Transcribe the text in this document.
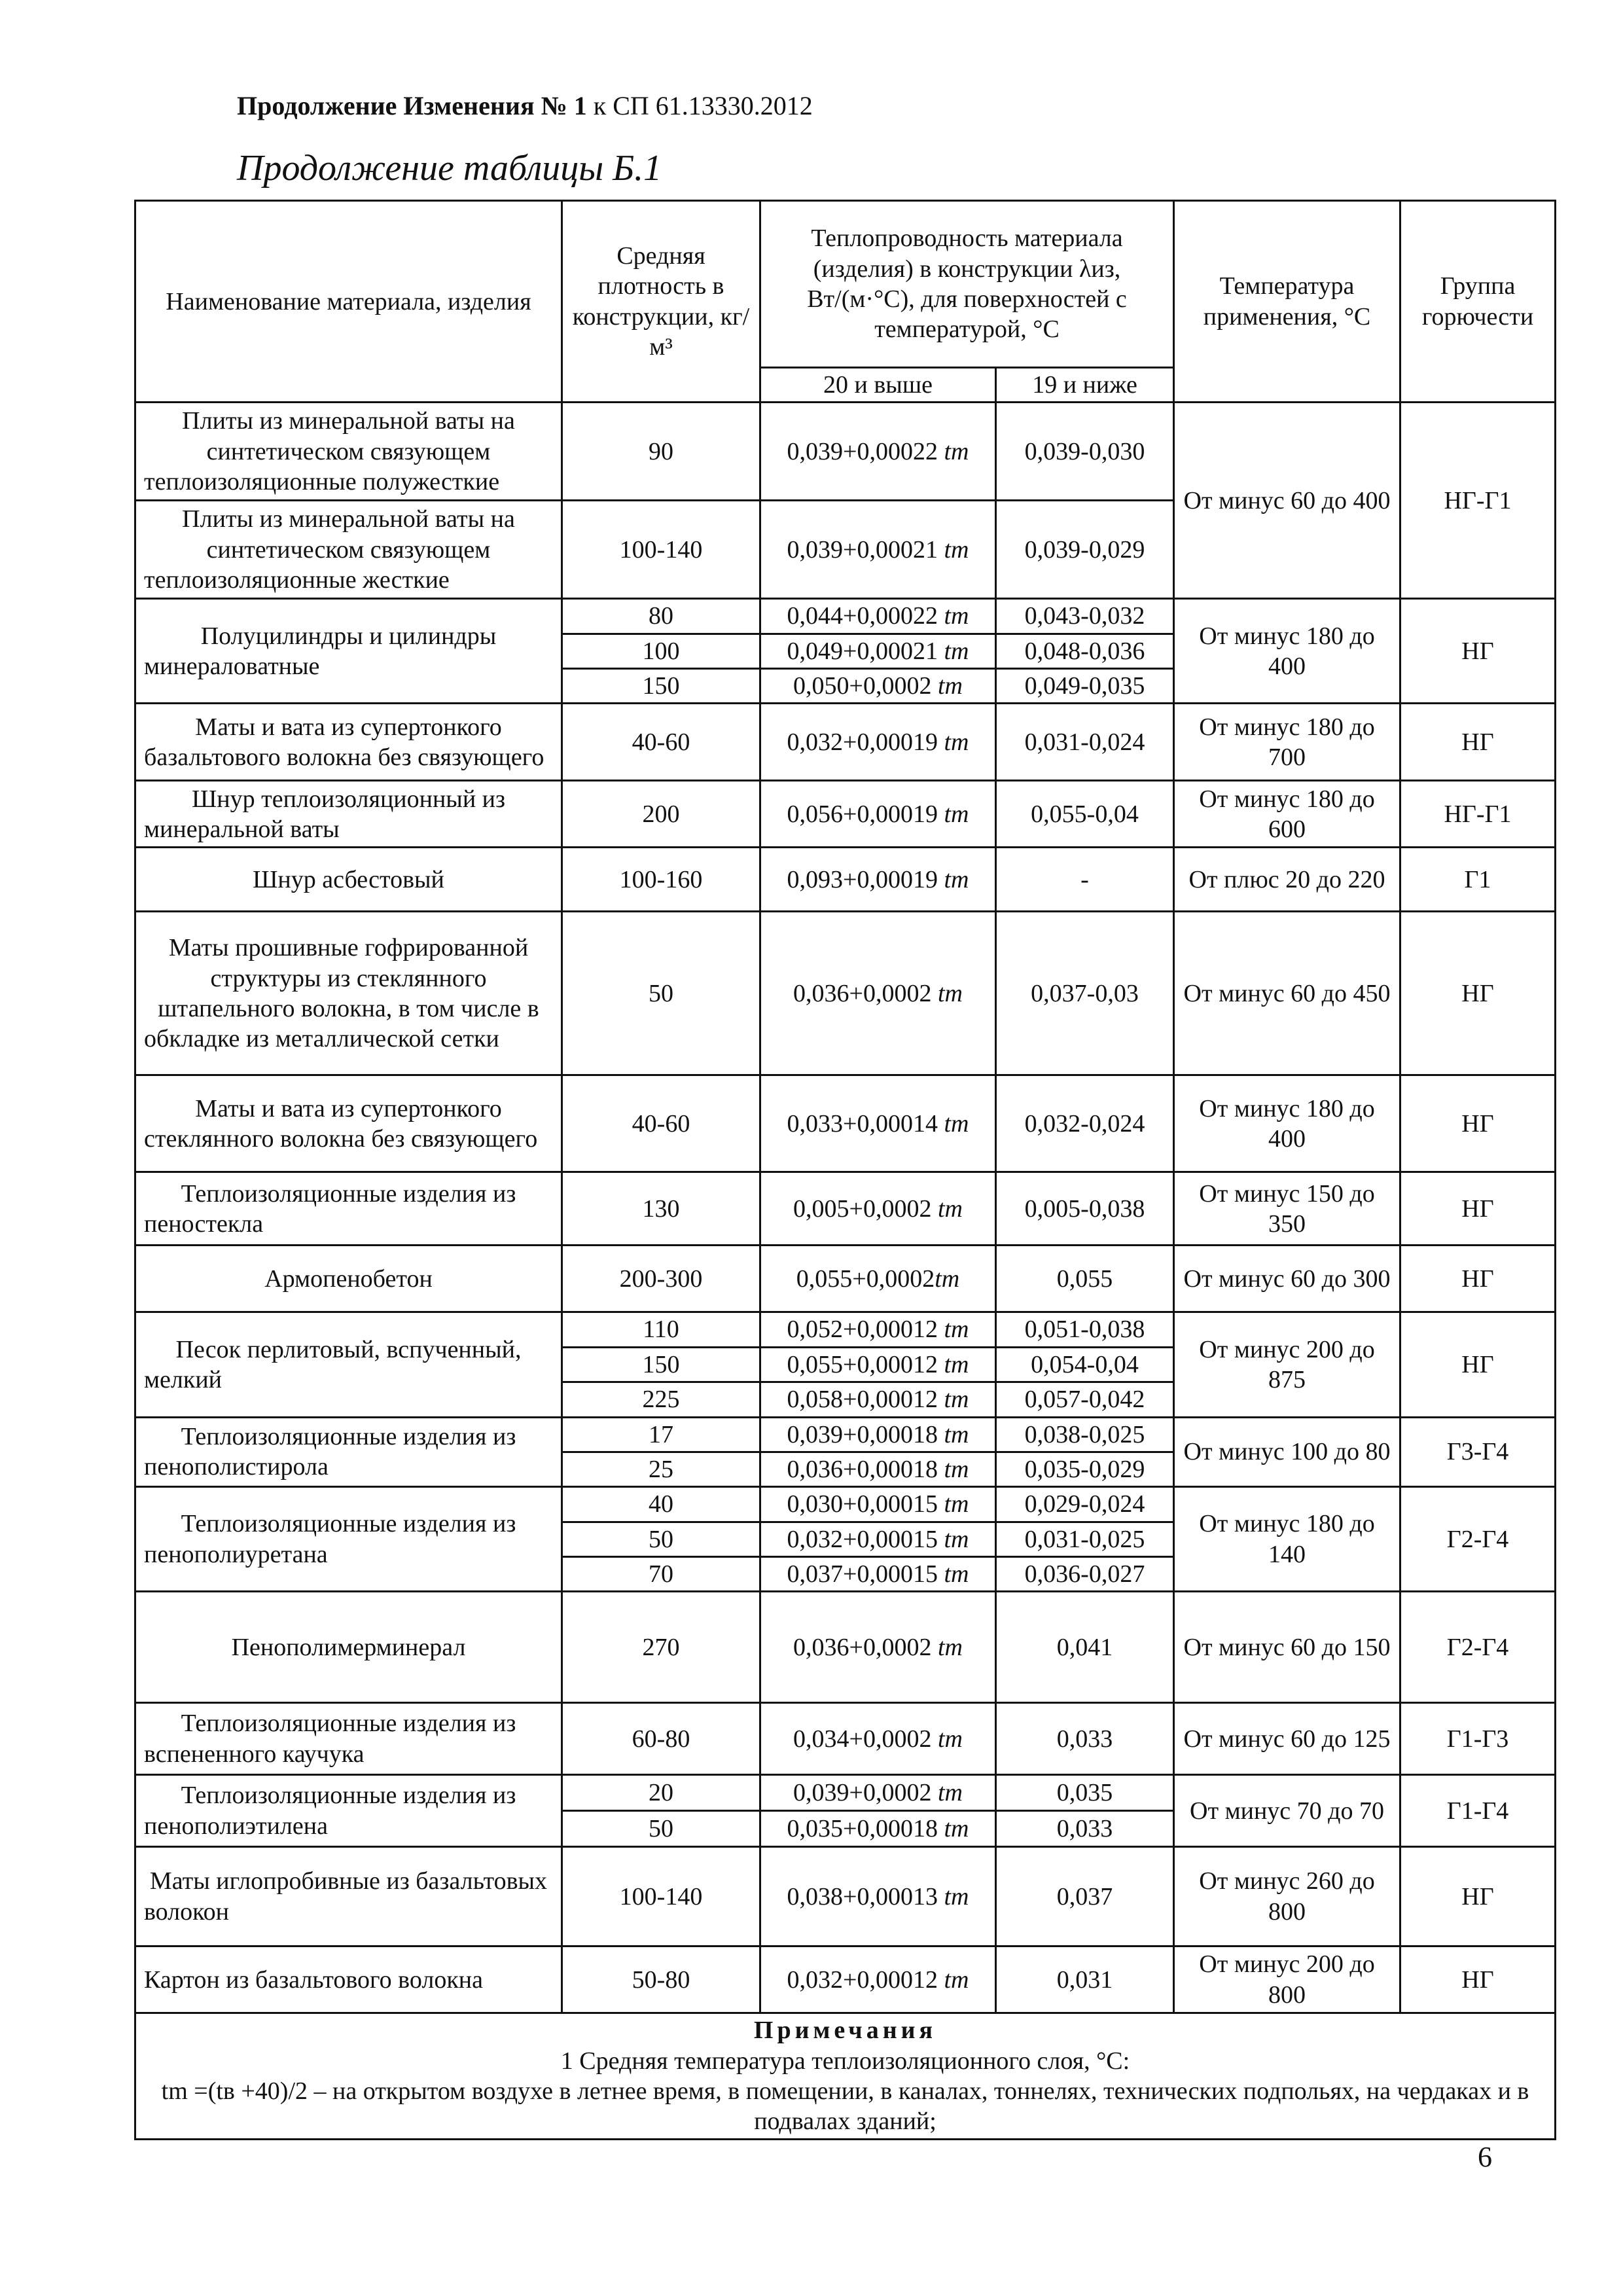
Продолжение Изменения № 1 к СП 61.13330.2012
Продолжение таблицы Б.1
Наименование материала, изделия	Средняя плотность в конструкции, кг/м³	Теплопроводность материала (изделия) в конструкции λиз, Вт/(м·°С), для поверхностей с температурой, °С		Температура применения, °С	Группа горючести
		20 и выше	19 и ниже		
Плиты из минеральной ваты на синтетическом связующем теплоизоляционные полужесткие	90	0,039+0,00022 tm	0,039-0,030	От минус 60 до 400	НГ-Г1
Плиты из минеральной ваты на синтетическом связующем теплоизоляционные жесткие	100-140	0,039+0,00021 tm	0,039-0,029		
Полуцилиндры и цилиндры минераловатные	80	0,044+0,00022 tm	0,043-0,032	От минус 180 до 400	НГ
	100	0,049+0,00021 tm	0,048-0,036		
	150	0,050+0,0002 tm	0,049-0,035		
Маты и вата из супертонкого базальтового волокна без связующего	40-60	0,032+0,00019 tm	0,031-0,024	От минус 180 до 700	НГ
Шнур теплоизоляционный из минеральной ваты	200	0,056+0,00019 tm	0,055-0,04	От минус 180 до 600	НГ-Г1
Шнур асбестовый	100-160	0,093+0,00019 tm	-	От плюс 20 до 220	Г1
Маты прошивные гофрированной структуры из стеклянного штапельного волокна, в том числе в обкладке из металлической сетки	50	0,036+0,0002 tm	0,037-0,03	От минус 60 до 450	НГ
Маты и вата из супертонкого стеклянного волокна без связующего	40-60	0,033+0,00014 tm	0,032-0,024	От минус 180 до 400	НГ
Теплоизоляционные изделия из пеностекла	130	0,005+0,0002 tm	0,005-0,038	От минус 150 до 350	НГ
Армопенобетон	200-300	0,055+0,0002tm	0,055	От минус 60 до 300	НГ
Песок перлитовый, вспученный, мелкий	110	0,052+0,00012 tm	0,051-0,038	От минус 200 до 875	НГ
	150	0,055+0,00012 tm	0,054-0,04		
	225	0,058+0,00012 tm	0,057-0,042		
Теплоизоляционные изделия из пенополистирола	17	0,039+0,00018 tm	0,038-0,025	От минус 100 до 80	Г3-Г4
	25	0,036+0,00018 tm	0,035-0,029		
Теплоизоляционные изделия из пенополиуретана	40	0,030+0,00015 tm	0,029-0,024	От минус 180 до 140	Г2-Г4
	50	0,032+0,00015 tm	0,031-0,025		
	70	0,037+0,00015 tm	0,036-0,027		
Пенополимерминерал	270	0,036+0,0002 tm	0,041	От минус 60 до 150	Г2-Г4
Теплоизоляционные изделия из вспененного каучука	60-80	0,034+0,0002 tm	0,033	От минус 60 до 125	Г1-Г3
Теплоизоляционные изделия из пенополиэтилена	20	0,039+0,0002 tm	0,035	От минус 70 до 70	Г1-Г4
	50	0,035+0,00018 tm	0,033		
Маты иглопробивные из базальтовых волокон	100-140	0,038+0,00013 tm	0,037	От минус 260 до 800	НГ
Картон из базальтового волокна	50-80	0,032+0,00012 tm	0,031	От минус 200 до 800	НГ

Примечания
1 Средняя температура теплоизоляционного слоя, °С:
tm =(tв +40)/2 – на открытом воздухе в летнее время, в помещении, в каналах, тоннелях, технических подпольях, на чердаках и в подвалах зданий;					
6
